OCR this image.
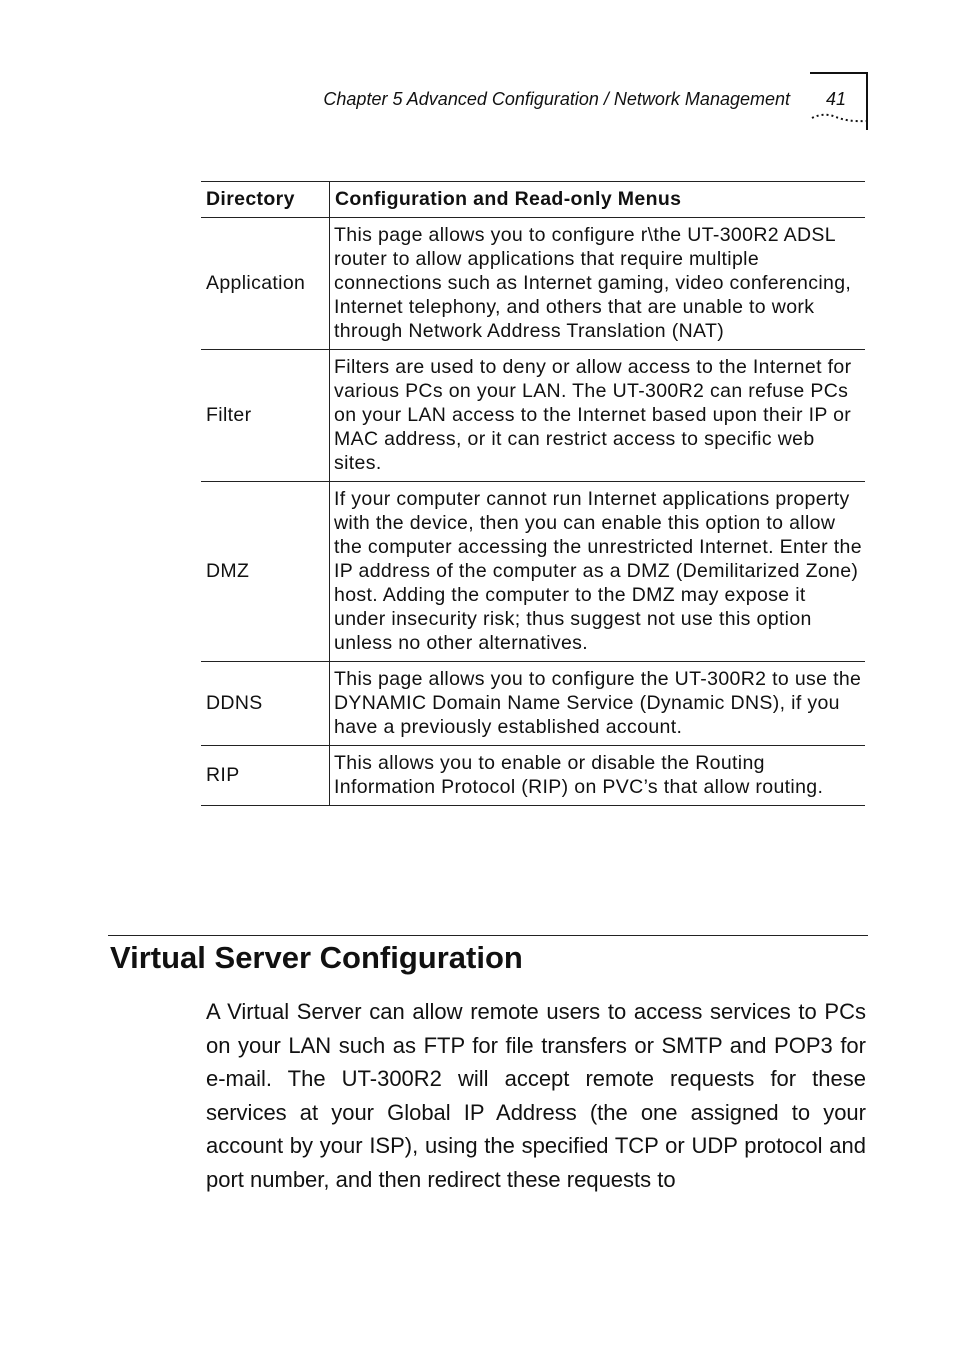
Chapter 5 Advanced Configuration / Network Management 41
Directory	Configuration and Read-only Menus
Application	This page allows you to configure r\the UT-300R2 ADSL router to allow applications that require multiple connections such as Internet gaming, video conferencing, Internet telephony, and others that are unable to work through Network Address Translation (NAT)
Filter	Filters are used to deny or allow access to the Internet for various PCs on your LAN. The UT-300R2 can refuse PCs on your LAN access to the Internet based upon their IP or MAC address, or it can restrict access to specific web sites.
DMZ	If your computer cannot run Internet applications property with the device, then you can enable this option to allow the computer accessing the unrestricted Internet. Enter the IP address of the computer as a DMZ (Demilitarized Zone) host. Adding the computer to the DMZ may expose it under insecurity risk; thus suggest not use this option unless no other alternatives.
DDNS	This page allows you to configure the UT-300R2 to use the DYNAMIC Domain Name Service (Dynamic DNS), if you have a previously established account.
RIP	This allows you to enable or disable the Routing Information Protocol (RIP) on PVC’s that allow routing.
Virtual Server Configuration

A Virtual Server can allow remote users to access services to PCs on your LAN such as FTP for file transfers or SMTP and POP3 for e-mail. The UT-300R2 will accept remote requests for these services at your Global IP Address (the one assigned to your account by your ISP), using the specified TCP or UDP protocol and port number, and then redirect these requests to
